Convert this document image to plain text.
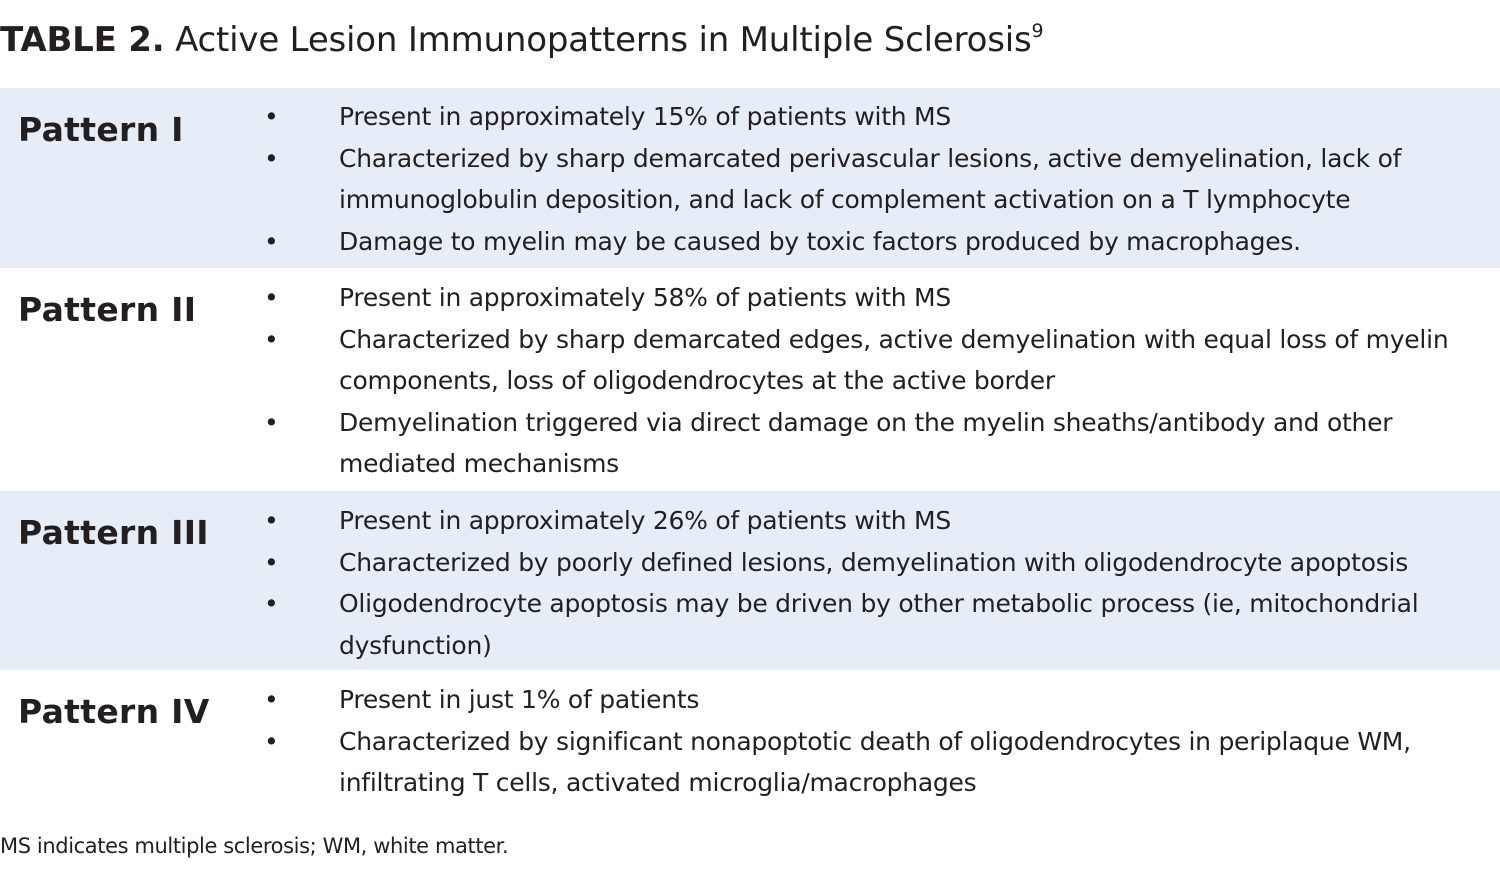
TABLE 2. Active Lesion Immunopatterns in Multiple Sclerosis$^9$
Pattern I	• Present in approximately 15% of patients with MS
• Characterized by sharp demarcated perivascular lesions, active demyelination, lack of immunoglobulin deposition, and lack of complement activation on a T lymphocyte
• Damage to myelin may be caused by toxic factors produced by macrophages.
Pattern II	• Present in approximately 58% of patients with MS
• Characterized by sharp demarcated edges, active demyelination with equal loss of myelin components, loss of oligodendrocytes at the active border
• Demyelination triggered via direct damage on the myelin sheaths/antibody and other mediated mechanisms
Pattern III • Present in approximately 26% of patients with MS
• Characterized by poorly defined lesions, demyelination with oligodendrocyte apoptosis
• Oligodendrocyte apoptosis may be driven by other metabolic process (ie, mitochondrial dysfunction)
Pattern IV • Present in just 1% of patients
• Characterized by significant nonapoptotic death of oligodendrocytes in periplaque WM, infiltrating T cells, activated microglia/macrophages
MS indicates multiple sclerosis; WM, white matter.
